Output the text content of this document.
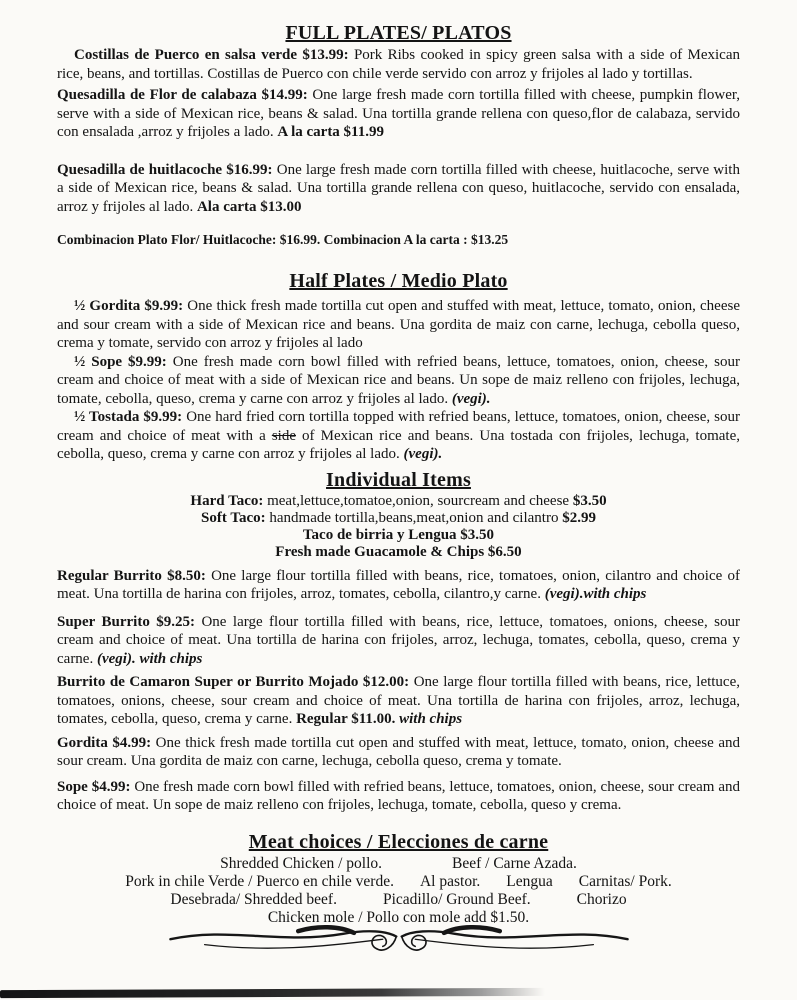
FULL PLATES/ PLATOS
Costillas de Puerco en salsa verde $13.99: Pork Ribs cooked in spicy green salsa with a side of Mexican rice, beans, and tortillas. Costillas de Puerco con chile verde servido con arroz y frijoles al lado y tortillas.
Quesadilla de Flor de calabaza $14.99: One large fresh made corn tortilla filled with cheese, pumpkin flower, serve with a side of Mexican rice, beans & salad. Una tortilla grande rellena con queso,flor de calabaza, servido con ensalada ,arroz y frijoles a lado. A la carta $11.99
Quesadilla de huitlacoche $16.99: One large fresh made corn tortilla filled with cheese, huitlacoche, serve with a side of Mexican rice, beans & salad. Una tortilla grande rellena con queso, huitlacoche, servido con ensalada, arroz y frijoles al lado. Ala carta $13.00
Combinacion Plato Flor/ Huitlacoche: $16.99. Combinacion A la carta : $13.25
Half Plates / Medio Plato
½ Gordita $9.99: One thick fresh made tortilla cut open and stuffed with meat, lettuce, tomato, onion, cheese and sour cream with a side of Mexican rice and beans. Una gordita de maiz con carne, lechuga, cebolla queso, crema y tomate, servido con arroz y frijoles al lado
½ Sope $9.99: One fresh made corn bowl filled with refried beans, lettuce, tomatoes, onion, cheese, sour cream and choice of meat with a side of Mexican rice and beans. Un sope de maiz relleno con frijoles, lechuga, tomate, cebolla, queso, crema y carne con arroz y frijoles al lado. (vegi).
½ Tostada $9.99: One hard fried corn tortilla topped with refried beans, lettuce, tomatoes, onion, cheese, sour cream and choice of meat with a side of Mexican rice and beans. Una tostada con frijoles, lechuga, tomate, cebolla, queso, crema y carne con arroz y frijoles al lado. (vegi).
Individual Items
Hard Taco: meat,lettuce,tomatoe,onion, sourcream and cheese $3.50
Soft Taco: handmade tortilla,beans,meat,onion and cilantro $2.99
Taco de birria y Lengua $3.50
Fresh made Guacamole & Chips $6.50
Regular Burrito $8.50: One large flour tortilla filled with beans, rice, tomatoes, onion, cilantro and choice of meat. Una tortilla de harina con frijoles, arroz, tomates, cebolla, cilantro,y carne. (vegi).with chips
Super Burrito $9.25: One large flour tortilla filled with beans, rice, lettuce, tomatoes, onions, cheese, sour cream and choice of meat. Una tortilla de harina con frijoles, arroz, lechuga, tomates, cebolla, queso, crema y carne. (vegi). with chips
Burrito de Camaron Super or Burrito Mojado $12.00: One large flour tortilla filled with beans, rice, lettuce, tomatoes, onions, cheese, sour cream and choice of meat. Una tortilla de harina con frijoles, arroz, lechuga, tomates, cebolla, queso, crema y carne. Regular $11.00. with chips
Gordita $4.99: One thick fresh made tortilla cut open and stuffed with meat, lettuce, tomato, onion, cheese and sour cream. Una gordita de maiz con carne, lechuga, cebolla queso, crema y tomate.
Sope $4.99: One fresh made corn bowl filled with refried beans, lettuce, tomatoes, onion, cheese, sour cream and choice of meat. Un sope de maiz relleno con frijoles, lechuga, tomate, cebolla, queso y crema.
Meat choices / Elecciones de carne
Shredded Chicken / pollo.	Beef / Carne Azada.
Pork in chile Verde / Puerco en chile verde. Al pastor. Lengua Carnitas/ Pork.
Desebrada/ Shredded beef.	Picadillo/ Ground Beef.	Chorizo
Chicken mole / Pollo con mole add $1.50.
